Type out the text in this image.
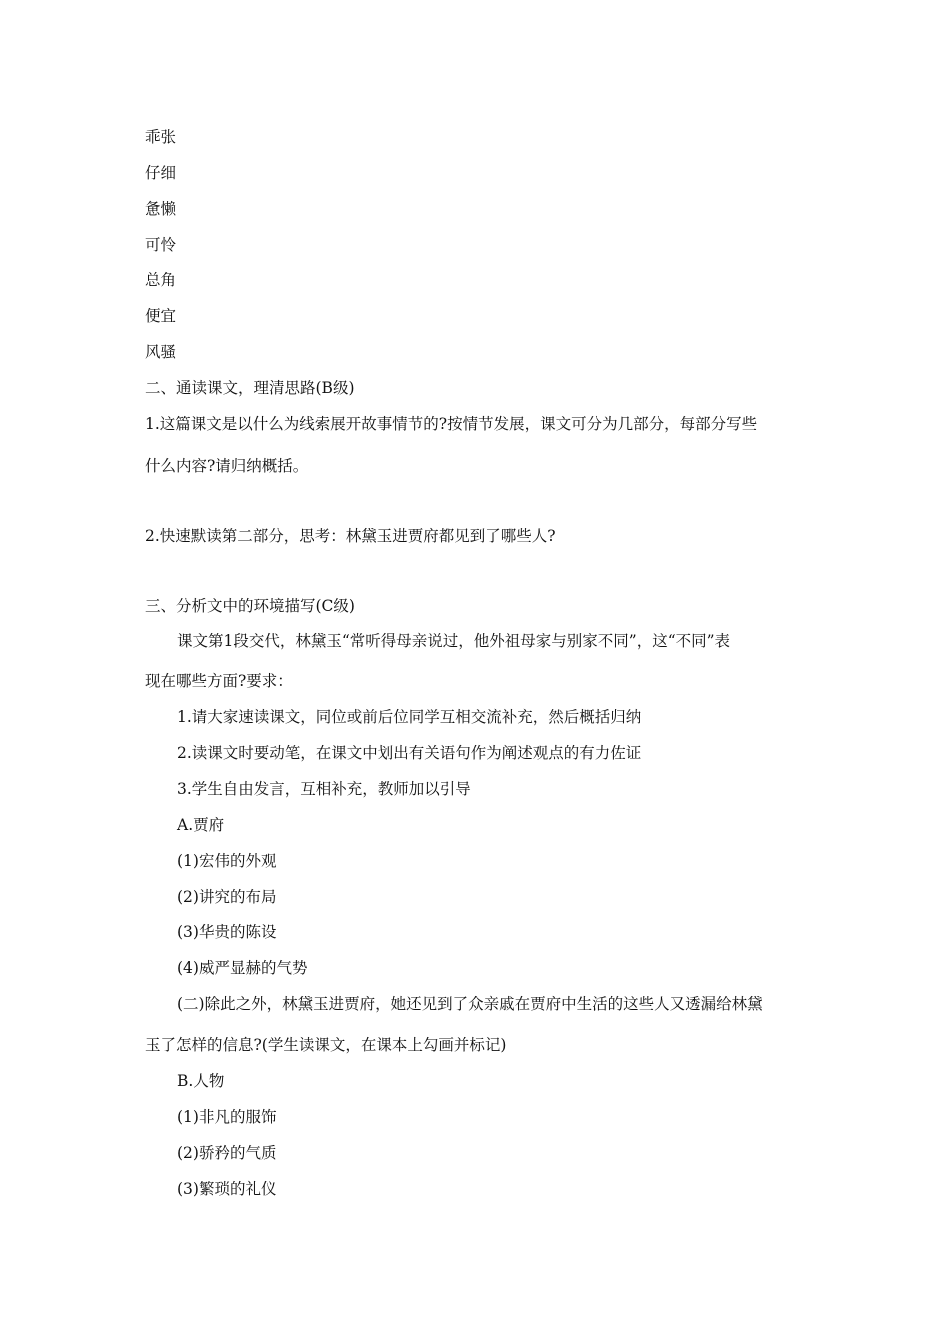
乖张
仔细
惫懒
可怜
总角
便宜
风骚
二、通读课文，理清思路(B级)
1.这篇课文是以什么为线索展开故事情节的?按情节发展，课文可分为几部分，每部分写些
什么内容?请归纳概括。
2.快速默读第二部分，思考：林黛玉进贾府都见到了哪些人?
三、分析文中的环境描写(C级)
课文第1段交代，林黛玉“常听得母亲说过，他外祖母家与别家不同”，这“不同”表
现在哪些方面?要求：
1.请大家速读课文，同位或前后位同学互相交流补充，然后概括归纳
2.读课文时要动笔，在课文中划出有关语句作为阐述观点的有力佐证
3.学生自由发言，互相补充，教师加以引导
A.贾府
(1)宏伟的外观
(2)讲究的布局
(3)华贵的陈设
(4)威严显赫的气势
(二)除此之外，林黛玉进贾府，她还见到了众亲戚在贾府中生活的这些人又透漏给林黛
玉了怎样的信息?(学生读课文，在课本上勾画并标记)
B.人物
(1)非凡的服饰
(2)骄矜的气质
(3)繁琐的礼仪
